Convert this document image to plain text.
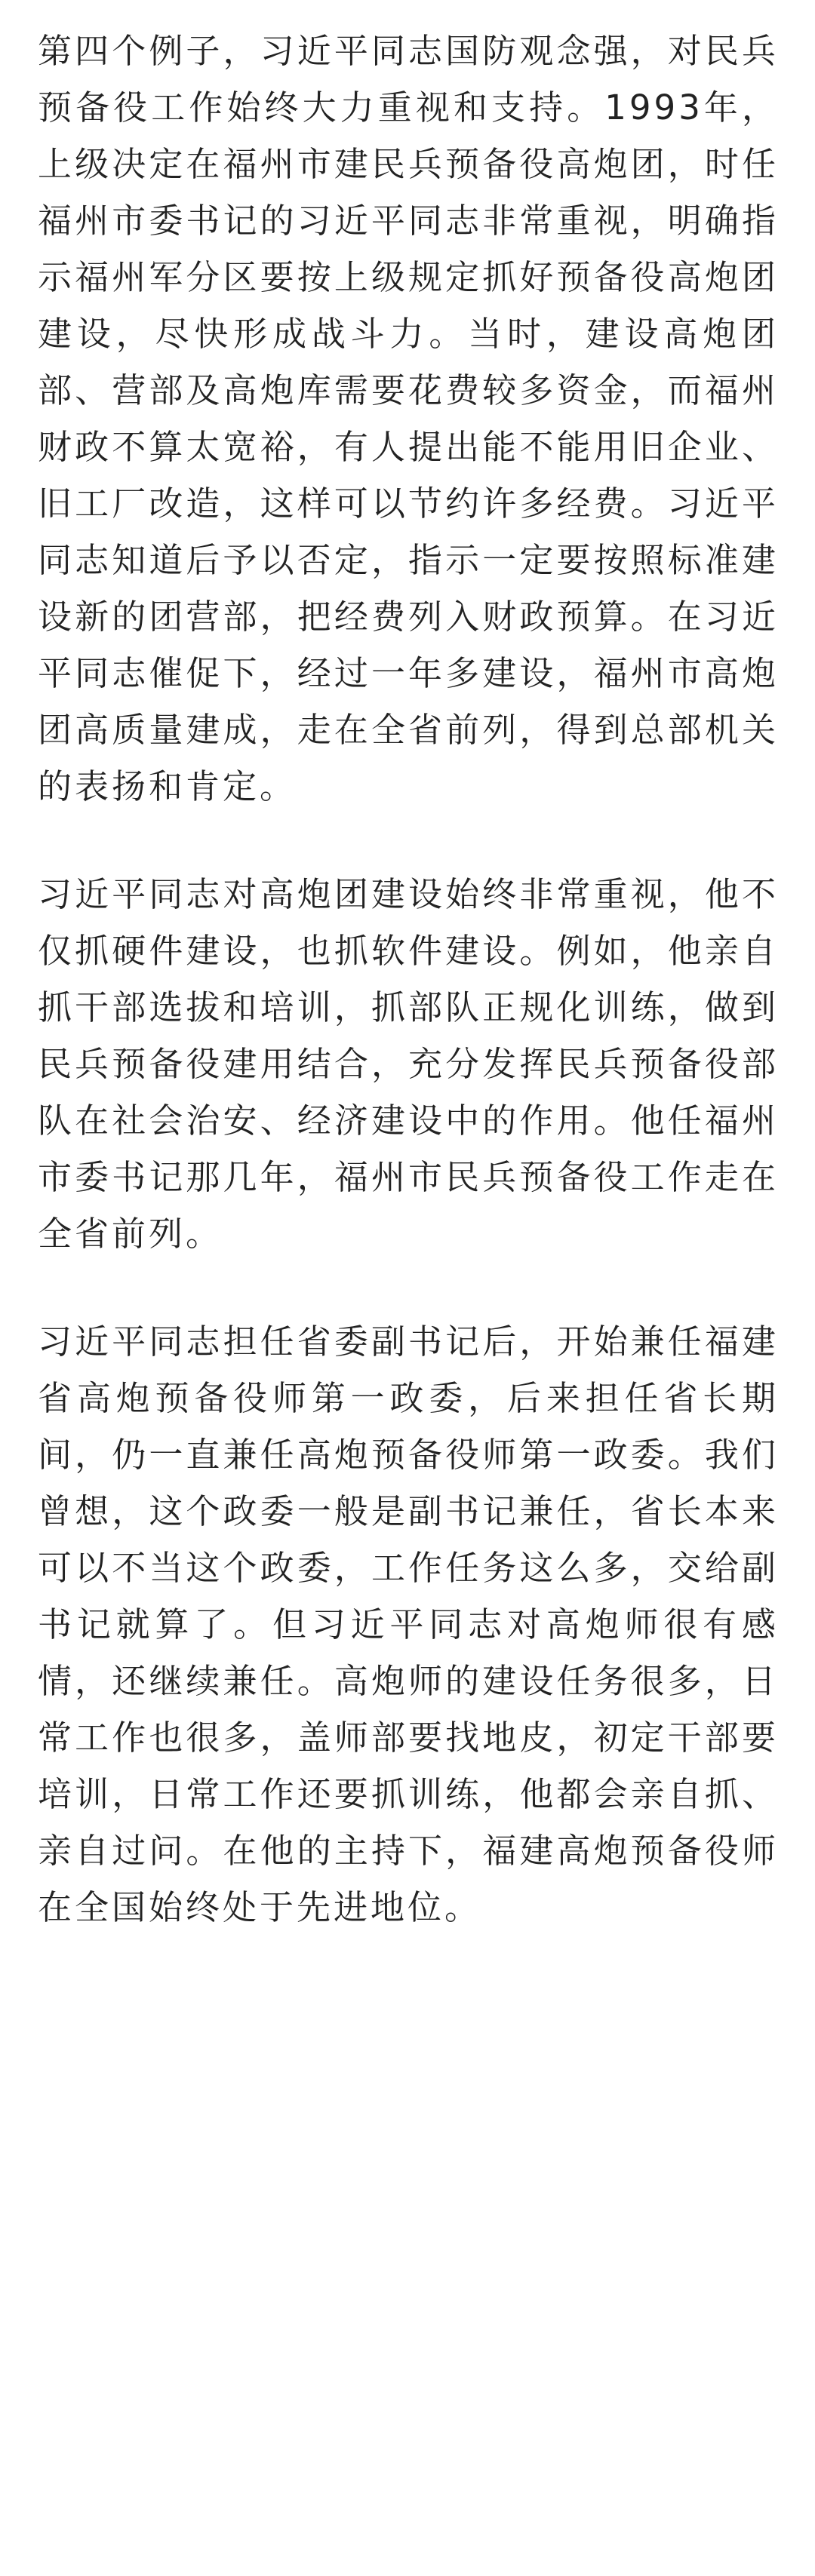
第四个例子，习近平同志国防观念强，对民兵预备役工作始终大力重视和支持。1993年，上级决定在福州市建民兵预备役高炮团，时任福州市委书记的习近平同志非常重视，明确指示福州军分区要按上级规定抓好预备役高炮团建设，尽快形成战斗力。当时，建设高炮团部、营部及高炮库需要花费较多资金，而福州财政不算太宽裕，有人提出能不能用旧企业、旧工厂改造，这样可以节约许多经费。习近平同志知道后予以否定，指示一定要按照标准建设新的团营部，把经费列入财政预算。在习近平同志催促下，经过一年多建设，福州市高炮团高质量建成，走在全省前列，得到总部机关的表扬和肯定。

习近平同志对高炮团建设始终非常重视，他不仅抓硬件建设，也抓软件建设。例如，他亲自抓干部选拔和培训，抓部队正规化训练，做到民兵预备役建用结合，充分发挥民兵预备役部队在社会治安、经济建设中的作用。他任福州市委书记那几年，福州市民兵预备役工作走在全省前列。

习近平同志担任省委副书记后，开始兼任福建省高炮预备役师第一政委，后来担任省长期间，仍一直兼任高炮预备役师第一政委。我们曾想，这个政委一般是副书记兼任，省长本来可以不当这个政委，工作任务这么多，交给副书记就算了。但习近平同志对高炮师很有感情，还继续兼任。高炮师的建设任务很多，日常工作也很多，盖师部要找地皮，初定干部要培训，日常工作还要抓训练，他都会亲自抓、亲自过问。在他的主持下，福建高炮预备役师在全国始终处于先进地位。
